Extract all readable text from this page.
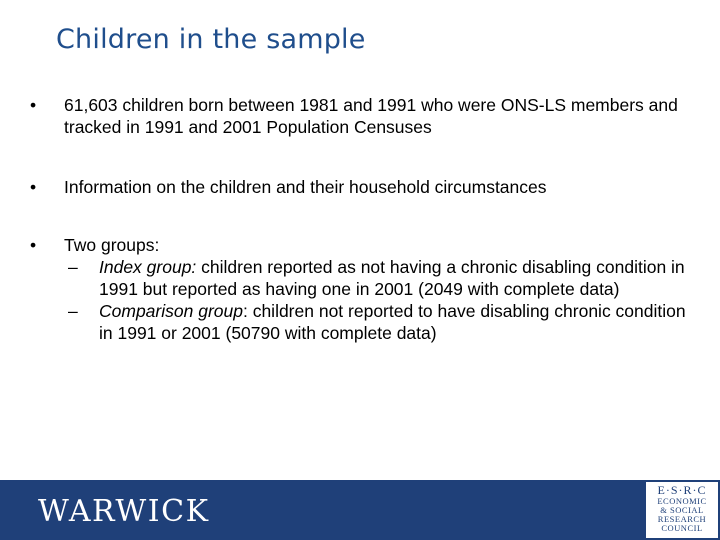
Children in the sample
•	61,603 children born between 1981 and 1991 who were ONS-LS members and tracked in 1991 and 2001 Population Censuses
•	Information on the children and their household circumstances
•	Two groups:
– Index group: children reported as not having a chronic disabling condition in 1991 but reported as having one in 2001 (2049 with complete data)
– Comparison group: children not reported to have disabling chronic condition in 1991 or 2001 (50790 with complete data)
WARWICK
E·S·R·C
ECONOMIC
& SOCIAL
RESEARCH
COUNCIL
